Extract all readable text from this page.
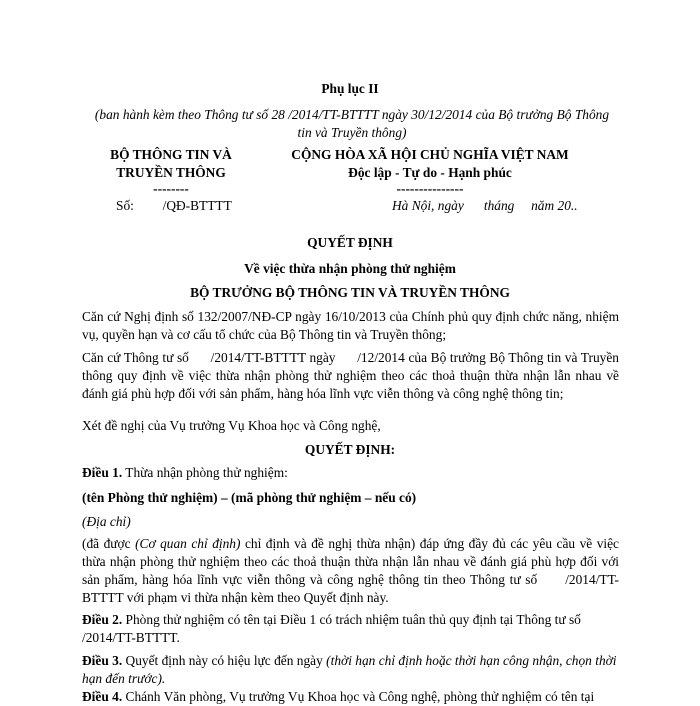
Phụ lục II
(ban hành kèm theo Thông tư số 28 /2014/TT-BTTTT ngày 30/12/2014 của Bộ trưởng Bộ Thông
tin và Truyền thông)
BỘ THÔNG TIN VÀ
TRUYỀN THÔNG
--------
CỘNG HÒA XÃ HỘI CHỦ NGHĨA VIỆT NAM
Độc lập - Tự do - Hạnh phúc
---------------
Số: /QĐ-BTTTT	Hà Nội, ngày      tháng     năm 20..
QUYẾT ĐỊNH
Về việc thừa nhận phòng thử nghiệm
BỘ TRƯỞNG BỘ THÔNG TIN VÀ TRUYỀN THÔNG
Căn cứ Nghị định số 132/2007/NĐ-CP ngày 16/10/2013 của Chính phủ quy định chức năng, nhiệm vụ, quyền hạn và cơ cấu tổ chức của Bộ Thông tin và Truyền thông;
Căn cứ Thông tư số      /2014/TT-BTTTT ngày      /12/2014 của Bộ trưởng Bộ Thông tin và Truyền thông quy định về việc thừa nhận phòng thử nghiệm theo các thoả thuận thừa nhận lẫn nhau về đánh giá phù hợp đối với sản phẩm, hàng hóa lĩnh vực viễn thông và công nghệ thông tin;
Xét đề nghị của Vụ trưởng Vụ Khoa học và Công nghệ,
QUYẾT ĐỊNH:
Điều 1. Thừa nhận phòng thử nghiệm:
(tên Phòng thử nghiệm) – (mã phòng thử nghiệm – nếu có)
(Địa chỉ)
(đã được (Cơ quan chỉ định) chỉ định và đề nghị thừa nhận) đáp ứng đầy đủ các yêu cầu về việc thừa nhận phòng thử nghiệm theo các thoả thuận thừa nhận lẫn nhau về đánh giá phù hợp đối với sản phẩm, hàng hóa lĩnh vực viễn thông và công nghệ thông tin theo Thông tư số      /2014/TT-BTTTT với phạm vi thừa nhận kèm theo Quyết định này.
Điều 2. Phòng thử nghiệm có tên tại Điều 1 có trách nhiệm tuân thủ quy định tại Thông tư số /2014/TT-BTTTT.
Điều 3. Quyết định này có hiệu lực đến ngày (thời hạn chỉ định hoặc thời hạn công nhận, chọn thời hạn đến trước).
Điều 4. Chánh Văn phòng, Vụ trưởng Vụ Khoa học và Công nghệ, phòng thử nghiệm có tên tại
